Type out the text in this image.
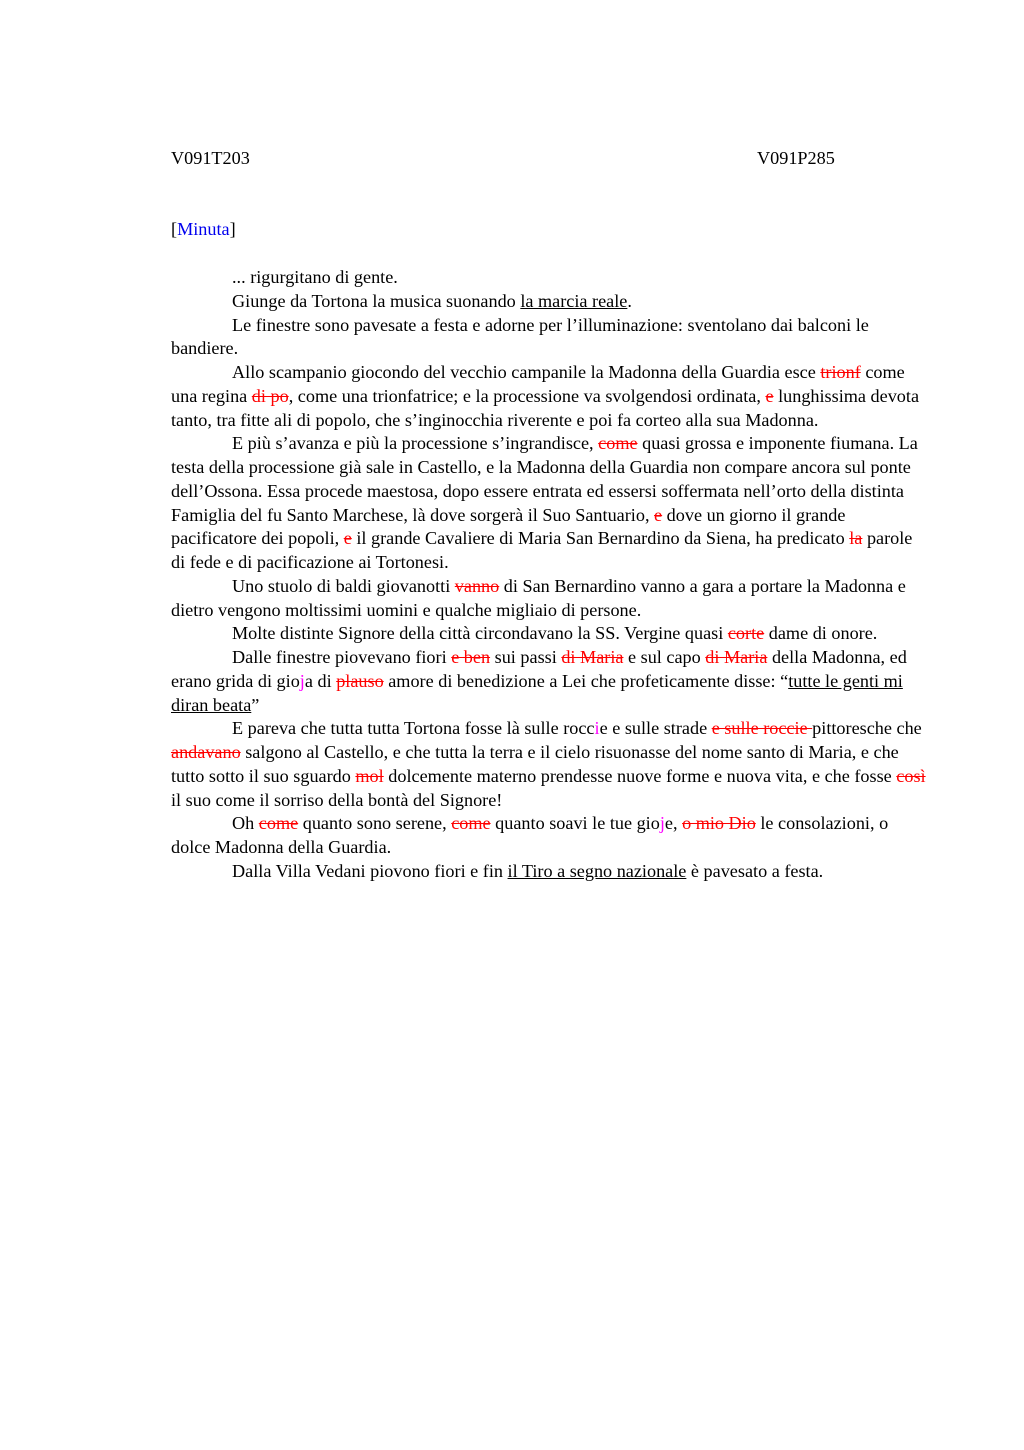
V091T203	V091P285
[Minuta]

... rigurgitano di gente.

Giunge da Tortona la musica suonando la marcia reale.

Le finestre sono pavesate a festa e adorne per l’illuminazione: sventolano dai balconi le bandiere.

Allo scampanio giocondo del vecchio campanile la Madonna della Guardia esce trionf come una regina di po, come una trionfatrice; e la processione va svolgendosi ordinata, e lunghissima devota tanto, tra fitte ali di popolo, che s’inginocchia riverente e poi fa corteo alla sua Madonna.

E più s’avanza e più la processione s’ingrandisce, come quasi grossa e imponente fiumana. La testa della processione già sale in Castello, e la Madonna della Guardia non compare ancora sul ponte dell’Ossona. Essa procede maestosa, dopo essere entrata ed essersi soffermata nell’orto della distinta Famiglia del fu Santo Marchese, là dove sorgerà il Suo Santuario, e dove un giorno il grande pacificatore dei popoli, e il grande Cavaliere di Maria San Bernardino da Siena, ha predicato la parole di fede e di pacificazione ai Tortonesi.

Uno stuolo di baldi giovanotti vanno di San Bernardino vanno a gara a portare la Madonna e dietro vengono moltissimi uomini e qualche migliaio di persone.

Molte distinte Signore della città circondavano la SS. Vergine quasi corte dame di onore.

Dalle finestre piovevano fiori e ben sui passi di Maria e sul capo di Maria della Madonna, ed erano grida di gioja di plauso amore di benedizione a Lei che profeticamente disse: “tutte le genti mi diran beata”

E pareva che tutta tutta Tortona fosse là sulle roccie e sulle strade e sulle roccie pittoresche che andavano salgono al Castello, e che tutta la terra e il cielo risuonasse del nome santo di Maria, e che tutto sotto il suo sguardo mol dolcemente materno prendesse nuove forme e nuova vita, e che fosse così il suo come il sorriso della bontà del Signore!

Oh come quanto sono serene, come quanto soavi le tue gioje, o mio Dio le consolazioni, o dolce Madonna della Guardia.

Dalla Villa Vedani piovono fiori e fin il Tiro a segno nazionale è pavesato a festa.
